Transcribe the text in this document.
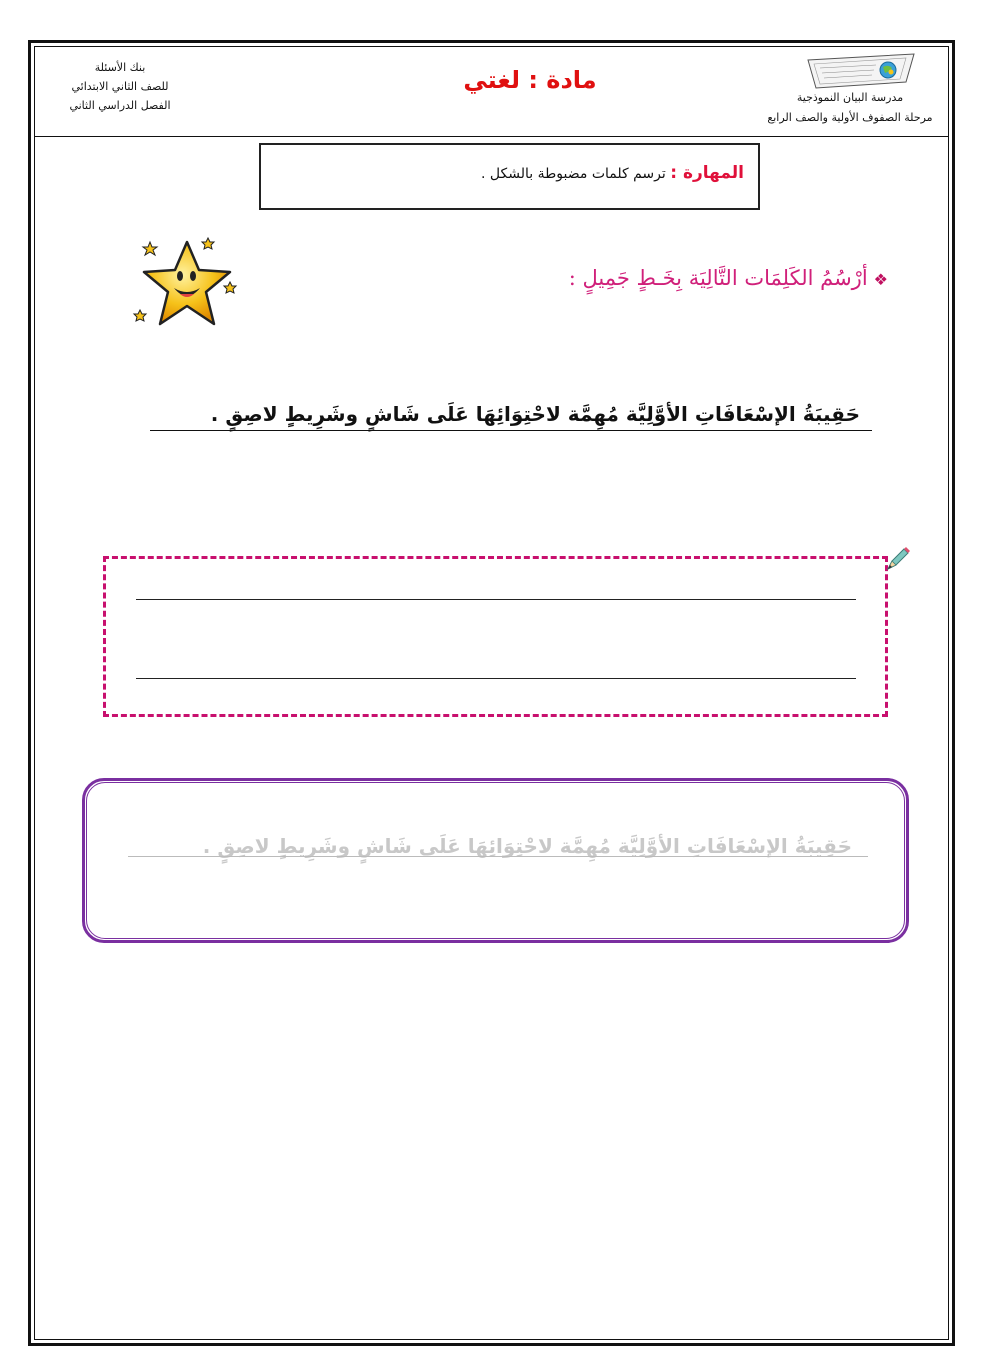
بنك الأسئلة
للصف الثاني الابتدائي
الفصل الدراسي الثاني
مادة : لغتي
مدرسة البيان النموذجية
مرحلة الصفوف الأولية والصف الرابع
المهارة : ترسم كلمات مضبوطة بالشكل .
❖أرْسُمُ الكَلِمَات التَّالِيَة بِخَـطٍ جَمِيلٍ :
حَقِيبَةُ الإسْعَافَاتِ الأوَّلِيَّة مُهِمَّة لاحْتِوَائِهَا عَلَى شَاشٍ وشَرِيطٍ لاصِقٍ .
حَقِيبَةُ الإسْعَافَاتِ الأوَّلِيَّة مُهِمَّة لاحْتِوَائِهَا عَلَى شَاشٍ وشَرِيطٍ لاصِقٍ .
